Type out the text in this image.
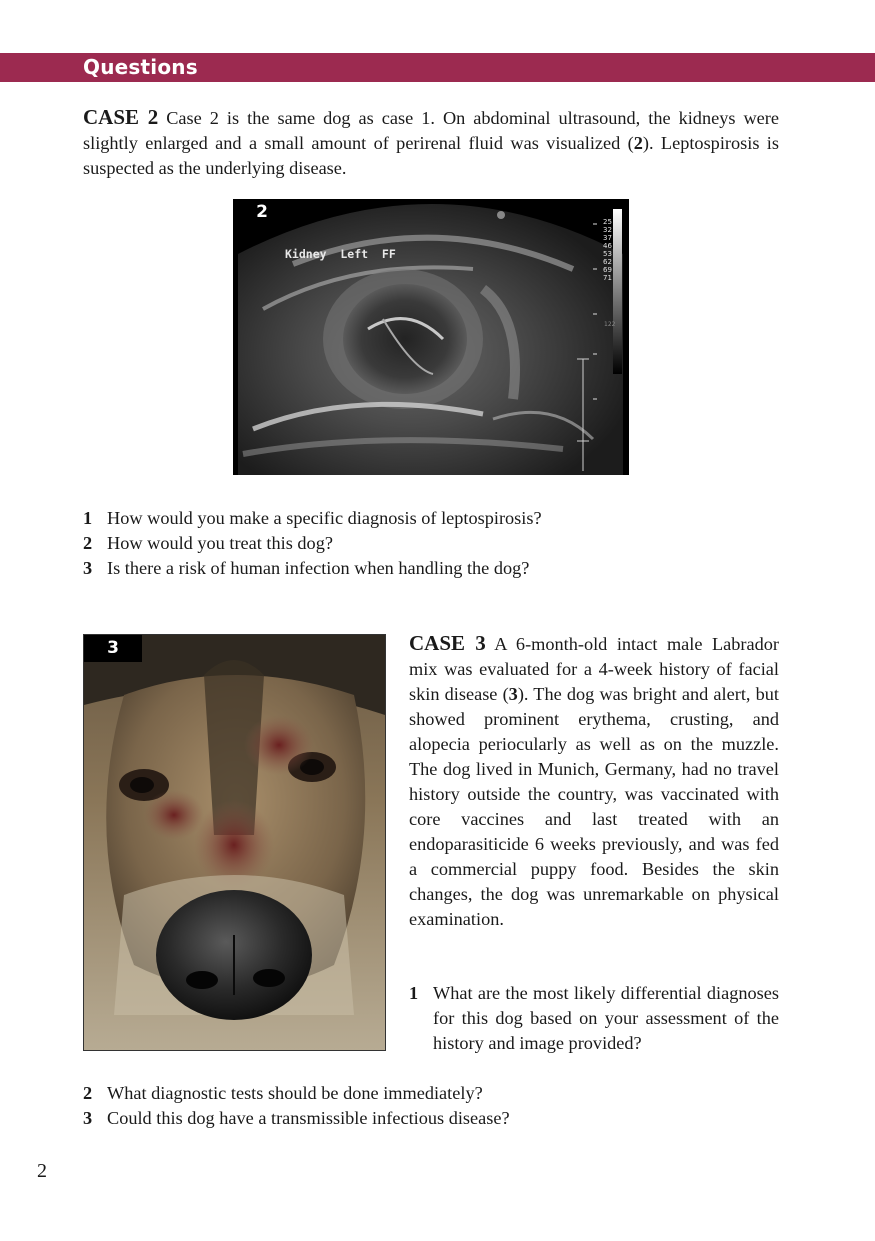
Questions

CASE 2 Case 2 is the same dog as case 1. On abdominal ultrasound, the kidneys were slightly enlarged and a small amount of perirenal fluid was visualized (2). Leptospirosis is suspected as the underlying disease.

2
Kidney  Left  FF
25
32
37
46
53
62
69
71
122
1 How would you make a specific diagnosis of leptospirosis?
2 How would you treat this dog?
3 Is there a risk of human infection when handling the dog?
3	CASE 3 A 6-month-old intact male Labrador mix was evaluated for a 4-week history of facial skin disease (3). The dog was bright and alert, but showed prominent erythema, crusting, and alopecia periocularly as well as on the muzzle. The dog lived in Munich, Germany, had no travel history outside the country, was vaccinated with core vaccines and last treated with an endoparasiticide 6 weeks previously, and was fed a commercial puppy food. Besides the skin changes, the dog was unremarkable on physical examination.

1 What are the most likely differential diagnoses for this dog based on your assessment of the history and image provided?
2 What diagnostic tests should be done immediately?
3 Could this dog have a transmissible infectious disease?
2
